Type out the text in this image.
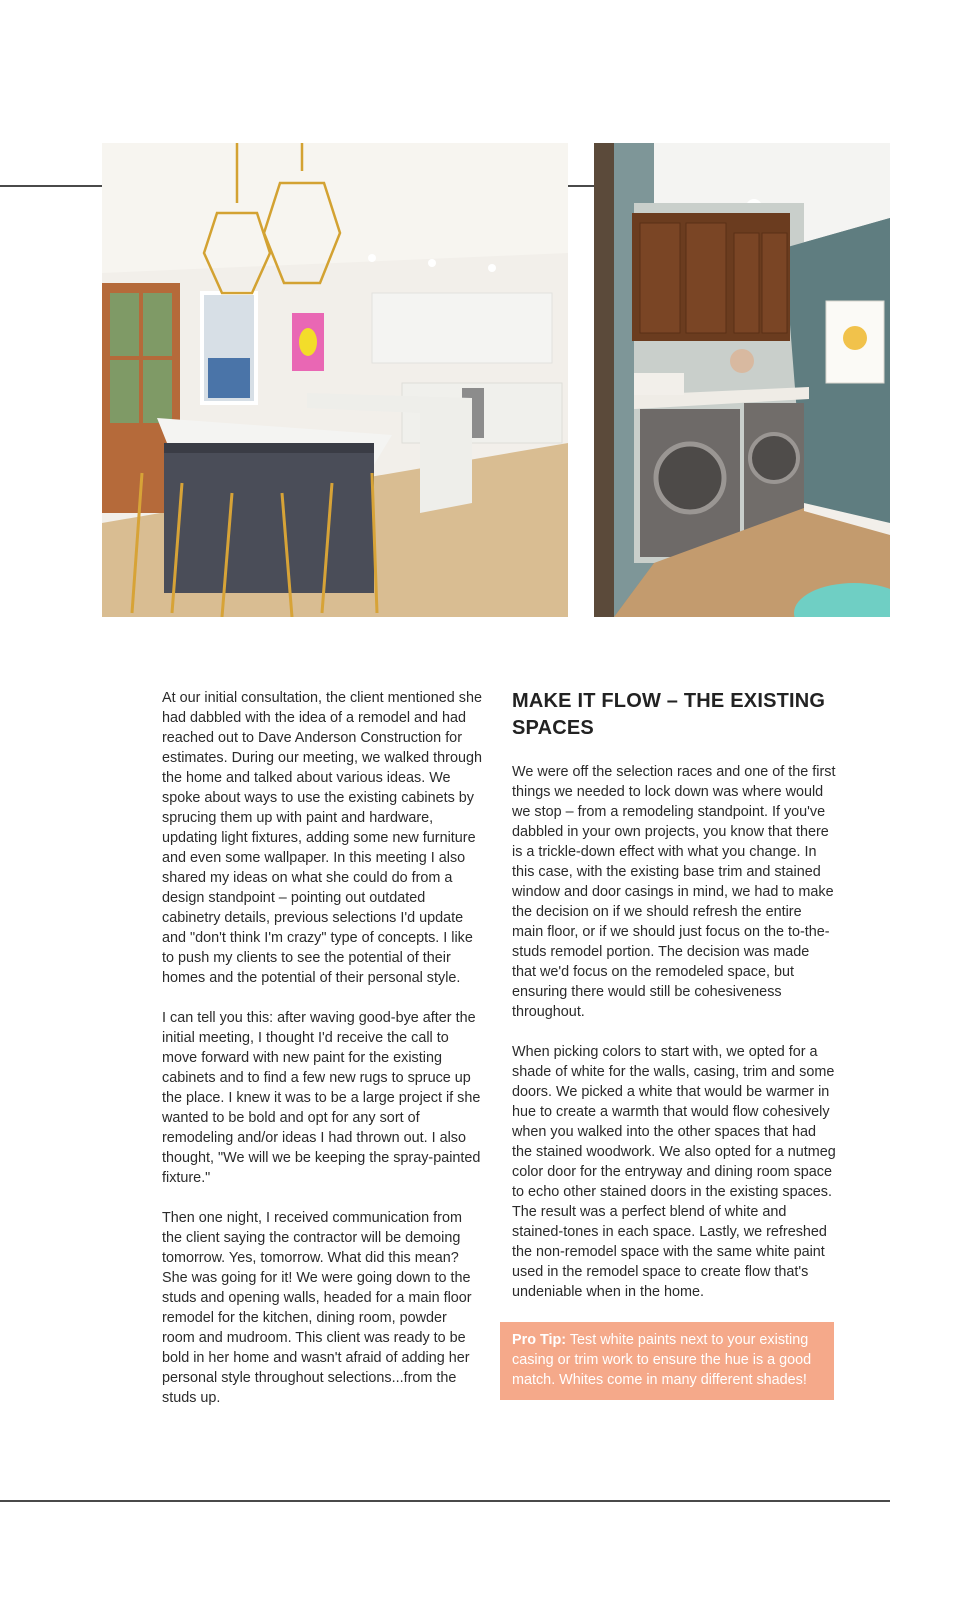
At our initial consultation, the client mentioned she had dabbled with the idea of a remodel and had reached out to Dave Anderson Construction for estimates. During our meeting, we walked through the home and talked about various ideas. We spoke about ways to use the existing cabinets by sprucing them up with paint and hardware, updating light fixtures, adding some new furniture and even some wallpaper. In this meeting I also shared my ideas on what she could do from a design standpoint – pointing out outdated cabinetry details, previous selections I'd update and "don't think I'm crazy" type of concepts. I like to push my clients to see the potential of their homes and the potential of their personal style.

I can tell you this: after waving good-bye after the initial meeting, I thought I'd receive the call to move forward with new paint for the existing cabinets and to find a few new rugs to spruce up the place. I knew it was to be a large project if she wanted to be bold and opt for any sort of remodeling and/or ideas I had thrown out. I also thought, "We will we be keeping the spray-painted fixture."

Then one night, I received communication from the client saying the contractor will be demoing tomorrow. Yes, tomorrow. What did this mean? She was going for it! We were going down to the studs and opening walls, headed for a main floor remodel for the kitchen, dining room, powder room and mudroom. This client was ready to be bold in her home and wasn't afraid of adding her personal style throughout selections...from the studs up.

MAKE IT FLOW – THE EXISTING SPACES

We were off the selection races and one of the first things we needed to lock down was where would we stop – from a remodeling standpoint. If you've dabbled in your own projects, you know that there is a trickle-down effect with what you change. In this case, with the existing base trim and stained window and door casings in mind, we had to make the decision on if we should refresh the entire main floor, or if we should just focus on the to-the-studs remodel portion. The decision was made that we'd focus on the remodeled space, but ensuring there would still be cohesiveness throughout.

When picking colors to start with, we opted for a shade of white for the walls, casing, trim and some doors. We picked a white that would be warmer in hue to create a warmth that would flow cohesively when you walked into the other spaces that had the stained woodwork. We also opted for a nutmeg color door for the entryway and dining room space to echo other stained doors in the existing spaces. The result was a perfect blend of white and stained-tones in each space. Lastly, we refreshed the non-remodel space with the same white paint used in the remodel space to create flow that's undeniable when in the home.

Pro Tip: Test white paints next to your existing casing or trim work to ensure the hue is a good match. Whites come in many different shades!
